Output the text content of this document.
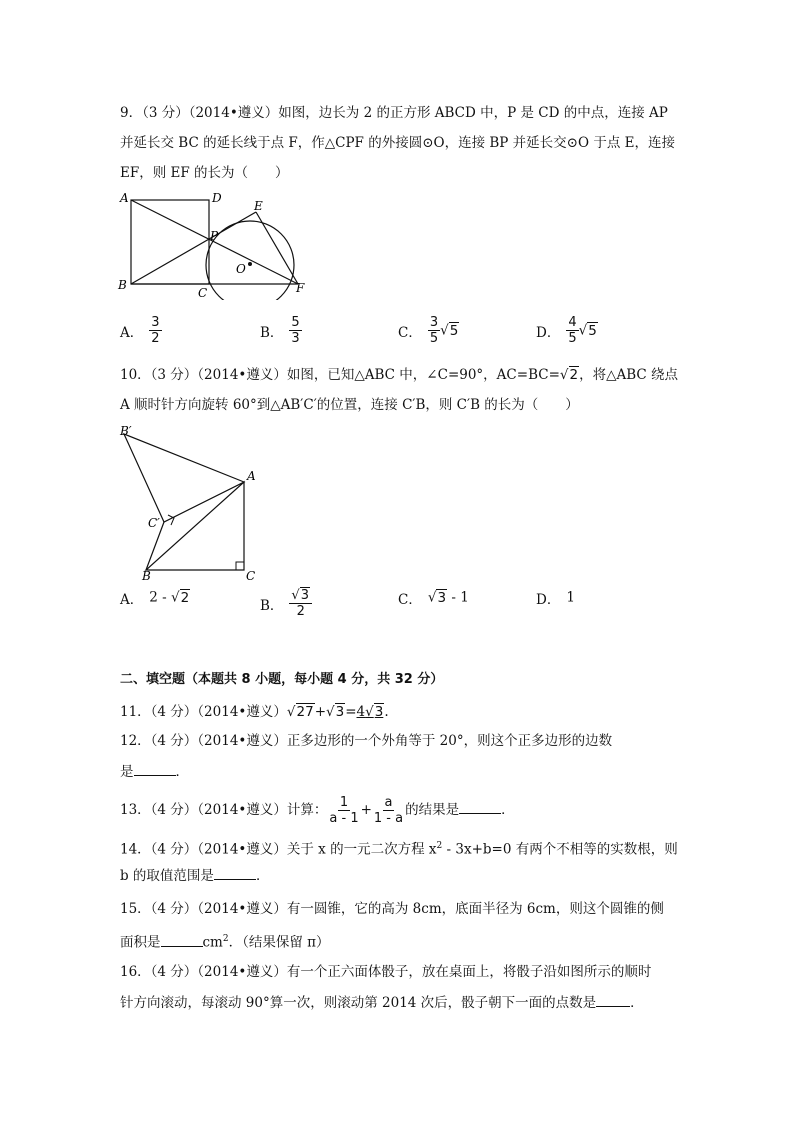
9．（3 分）（2014•遵义）如图，边长为 2 的正方形 ABCD 中，P 是 CD 的中点，连接 AP
并延长交 BC 的延长线于点 F，作△CPF 的外接圆⊙O，连接 BP 并延长交⊙O 于点 E，连接
EF，则 EF 的长为（　　）
A	D
E
P
O
B
C	F
A． $\frac{3}{2}$	B． $\frac{5}{3}$	C． $\frac{3}{5} √5$	D． $\frac{4}{5} √5$
10．（3 分）（2014•遵义）如图，已知△ABC 中，∠C=90°，AC=BC=√2，将△ABC 绕点
A 顺时针方向旋转 60°到△AB′C′的位置，连接 C′B，则 C′B 的长为（　　）
B′
A
C′
B	C
A． 2 - √2	B． $\frac{√3}{2}$	C． √3 - 1	D． 1
二、填空题（本题共 8 小题，每小题 4 分，共 32 分）
11．（4 分）（2014•遵义）√27+√3=4√3.
12．（4 分）（2014•遵义）正多边形的一个外角等于 20°，则这个正多边形的边数
是	．
13．（4 分）（2014•遵义）计算： $\frac{1}{a - 1} + \frac{a}{1 - a}$ 的结果是	．
14．（4 分）（2014•遵义）关于 x 的一元二次方程 $x^2 - 3x+b=0$ 有两个不相等的实数根，则
b 的取值范围是	．
15．（4 分）（2014•遵义）有一圆锥，它的高为 8cm，底面半径为 6cm，则这个圆锥的侧
面积是	$cm^2$．（结果保留 π）
16．（4 分）（2014•遵义）有一个正六面体骰子，放在桌面上，将骰子沿如图所示的顺时
针方向滚动，每滚动 90°算一次，则滚动第 2014 次后，骰子朝下一面的点数是	．
